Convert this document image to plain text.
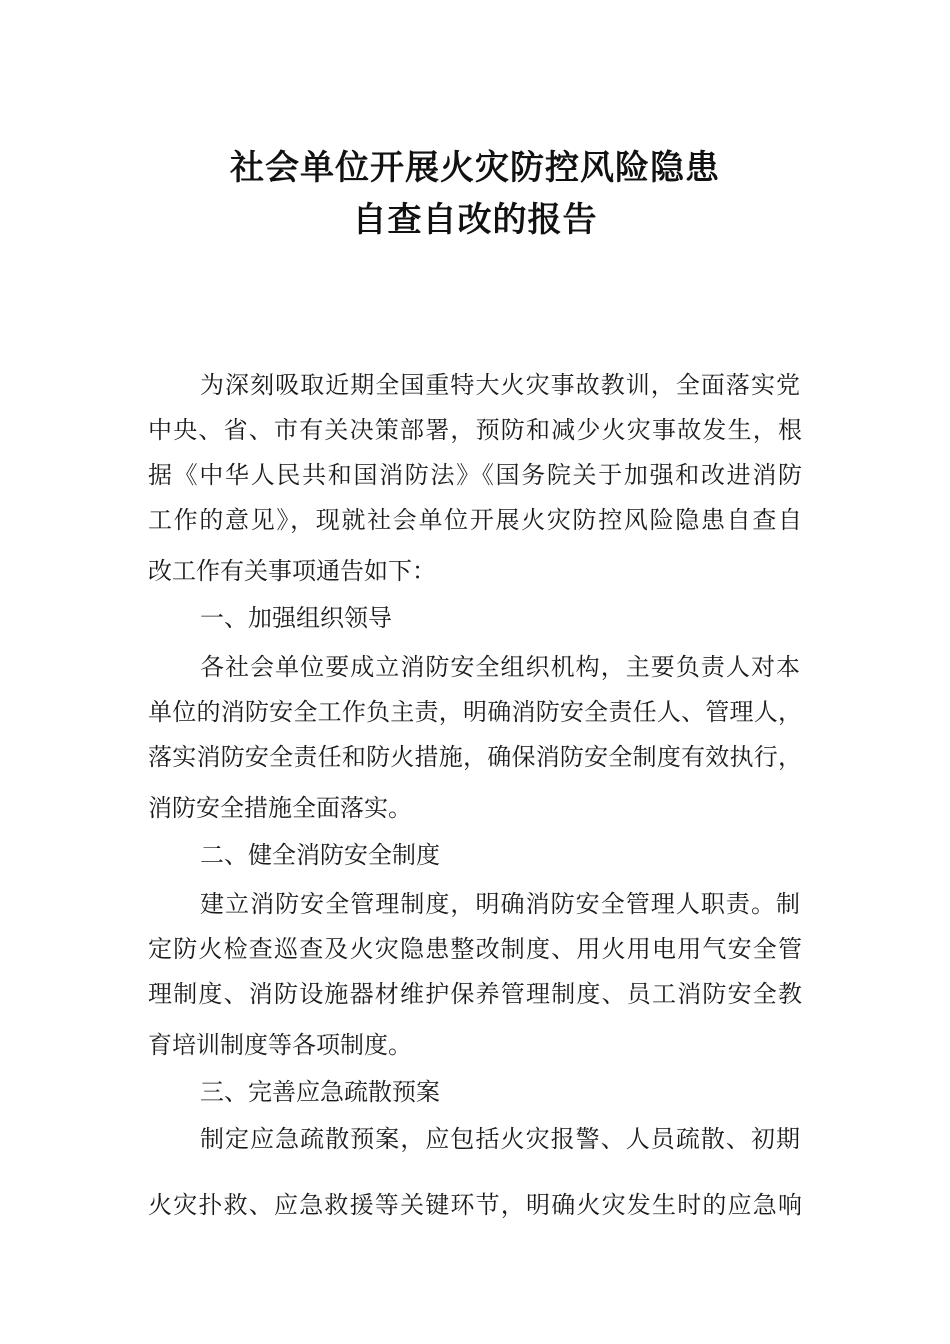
社会单位开展火灾防控风险隐患
自查自改的报告
为深刻吸取近期全国重特大火灾事故教训，全面落实党
中央、省、市有关决策部署，预防和减少火灾事故发生，根
据《中华人民共和国消防法》《国务院关于加强和改进消防
工作的意见》，现就社会单位开展火灾防控风险隐患自查自
改工作有关事项通告如下：
一、加强组织领导
各社会单位要成立消防安全组织机构，主要负责人对本
单位的消防安全工作负主责，明确消防安全责任人、管理人，
落实消防安全责任和防火措施，确保消防安全制度有效执行，
消防安全措施全面落实。
二、健全消防安全制度
建立消防安全管理制度，明确消防安全管理人职责。制
定防火检查巡查及火灾隐患整改制度、用火用电用气安全管
理制度、消防设施器材维护保养管理制度、员工消防安全教
育培训制度等各项制度。
三、完善应急疏散预案
制定应急疏散预案，应包括火灾报警、人员疏散、初期
火灾扑救、应急救援等关键环节，明确火灾发生时的应急响
